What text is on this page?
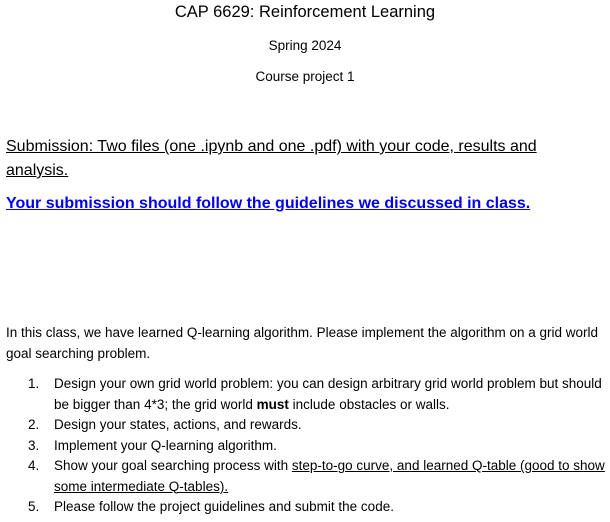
CAP 6629: Reinforcement Learning
Spring 2024
Course project 1
Submission: Two files (one .ipynb and one .pdf) with your code, results and analysis.
Your submission should follow the guidelines we discussed in class.
In this class, we have learned Q-learning algorithm. Please implement the algorithm on a grid world goal searching problem.
1. Design your own grid world problem: you can design arbitrary grid world problem but should be bigger than 4*3; the grid world must include obstacles or walls.
2. Design your states, actions, and rewards.
3. Implement your Q-learning algorithm.
4. Show your goal searching process with step-to-go curve, and learned Q-table (good to show some intermediate Q-tables).
5. Please follow the project guidelines and submit the code.
